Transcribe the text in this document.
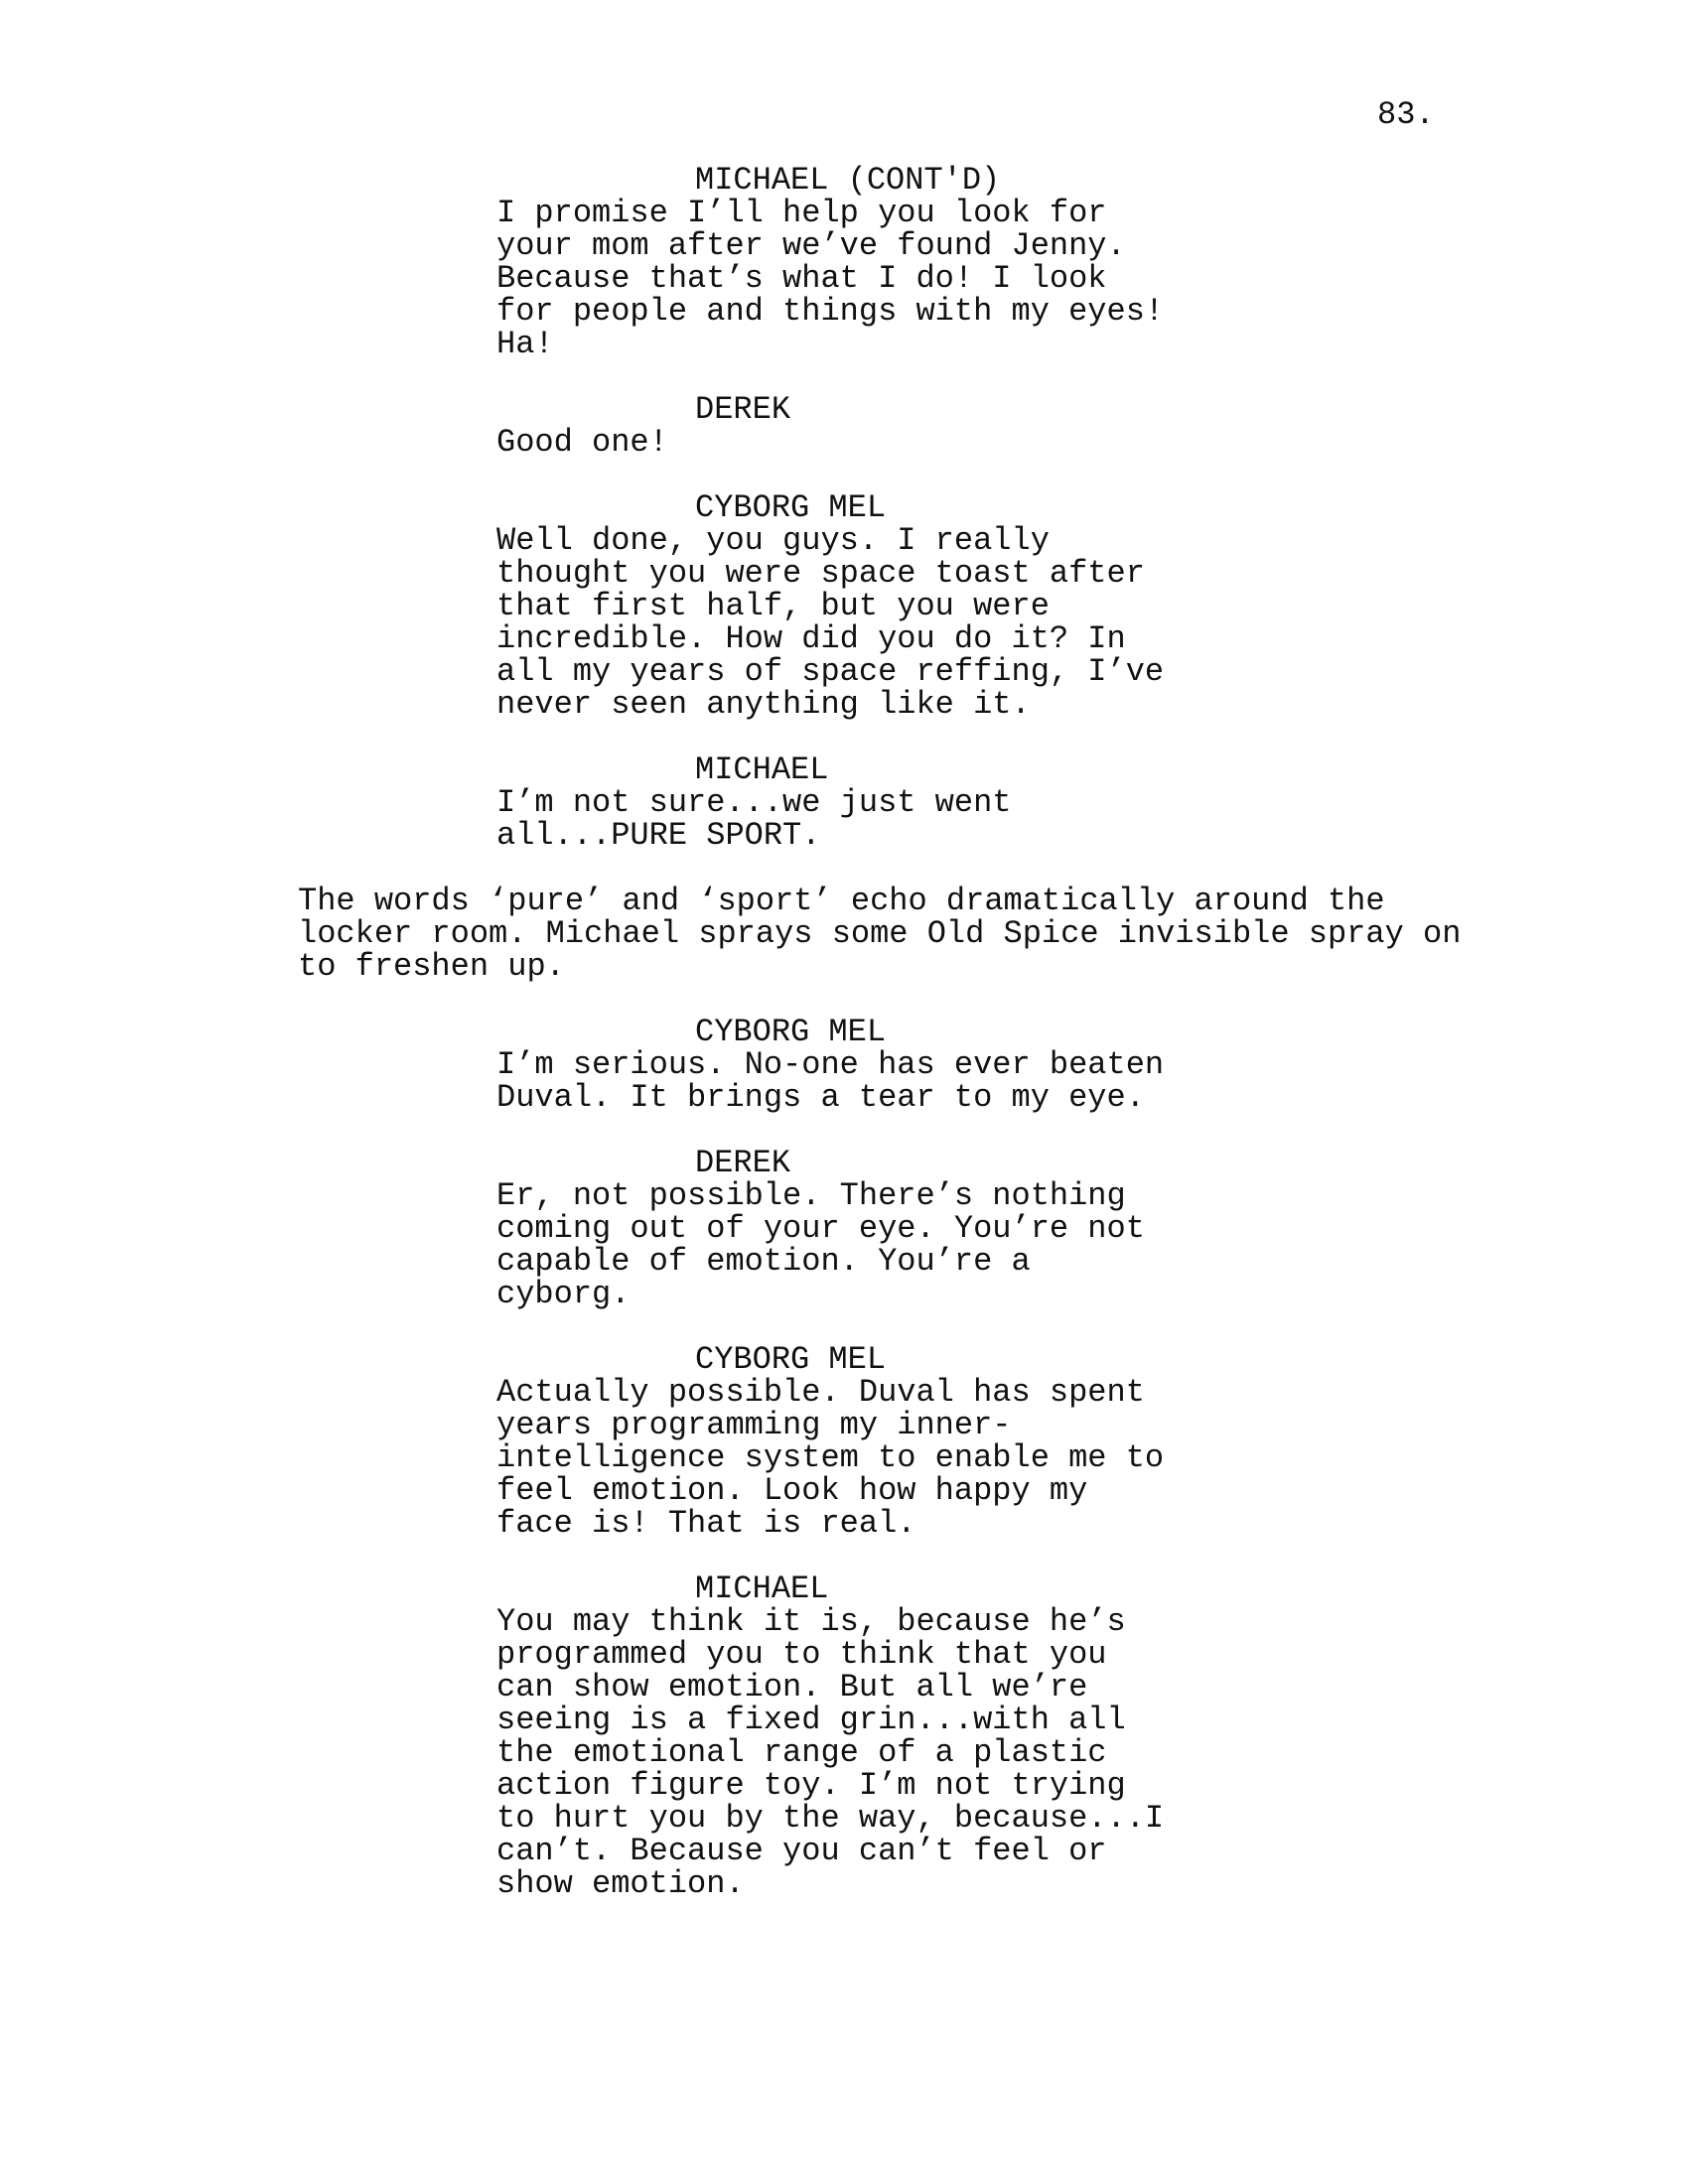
83.
MICHAEL (CONT'D)
I promise I’ll help you look for
your mom after we’ve found Jenny.
Because that’s what I do! I look
for people and things with my eyes!
Ha!
DEREK
Good one!
CYBORG MEL
Well done, you guys. I really
thought you were space toast after
that first half, but you were
incredible. How did you do it? In
all my years of space reffing, I’ve
never seen anything like it.
MICHAEL
I’m not sure...we just went
all...PURE SPORT.
The words ‘pure’ and ‘sport’ echo dramatically around the
locker room. Michael sprays some Old Spice invisible spray on
to freshen up.
CYBORG MEL
I’m serious. No-one has ever beaten
Duval. It brings a tear to my eye.
DEREK
Er, not possible. There’s nothing
coming out of your eye. You’re not
capable of emotion. You’re a
cyborg.
CYBORG MEL
Actually possible. Duval has spent
years programming my inner-
intelligence system to enable me to
feel emotion. Look how happy my
face is! That is real.
MICHAEL
You may think it is, because he’s
programmed you to think that you
can show emotion. But all we’re
seeing is a fixed grin...with all
the emotional range of a plastic
action figure toy. I’m not trying
to hurt you by the way, because...I
can’t. Because you can’t feel or
show emotion.
